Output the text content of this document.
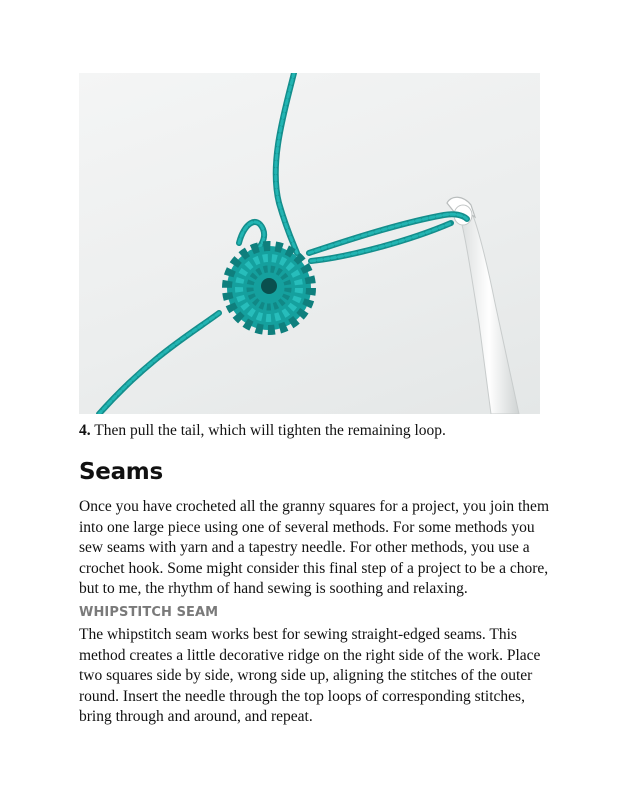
4. Then pull the tail, which will tighten the remaining loop.

Seams

Once you have crocheted all the granny squares for a project, you join them into one large piece using one of several methods. For some methods you sew seams with yarn and a tapestry needle. For other methods, you use a crochet hook. Some might consider this final step of a project to be a chore, but to me, the rhythm of hand sewing is soothing and relaxing.

WHIPSTITCH SEAM

The whipstitch seam works best for sewing straight-edged seams. This method creates a little decorative ridge on the right side of the work. Place two squares side by side, wrong side up, aligning the stitches of the outer round. Insert the needle through the top loops of corresponding stitches, bring through and around, and repeat.
